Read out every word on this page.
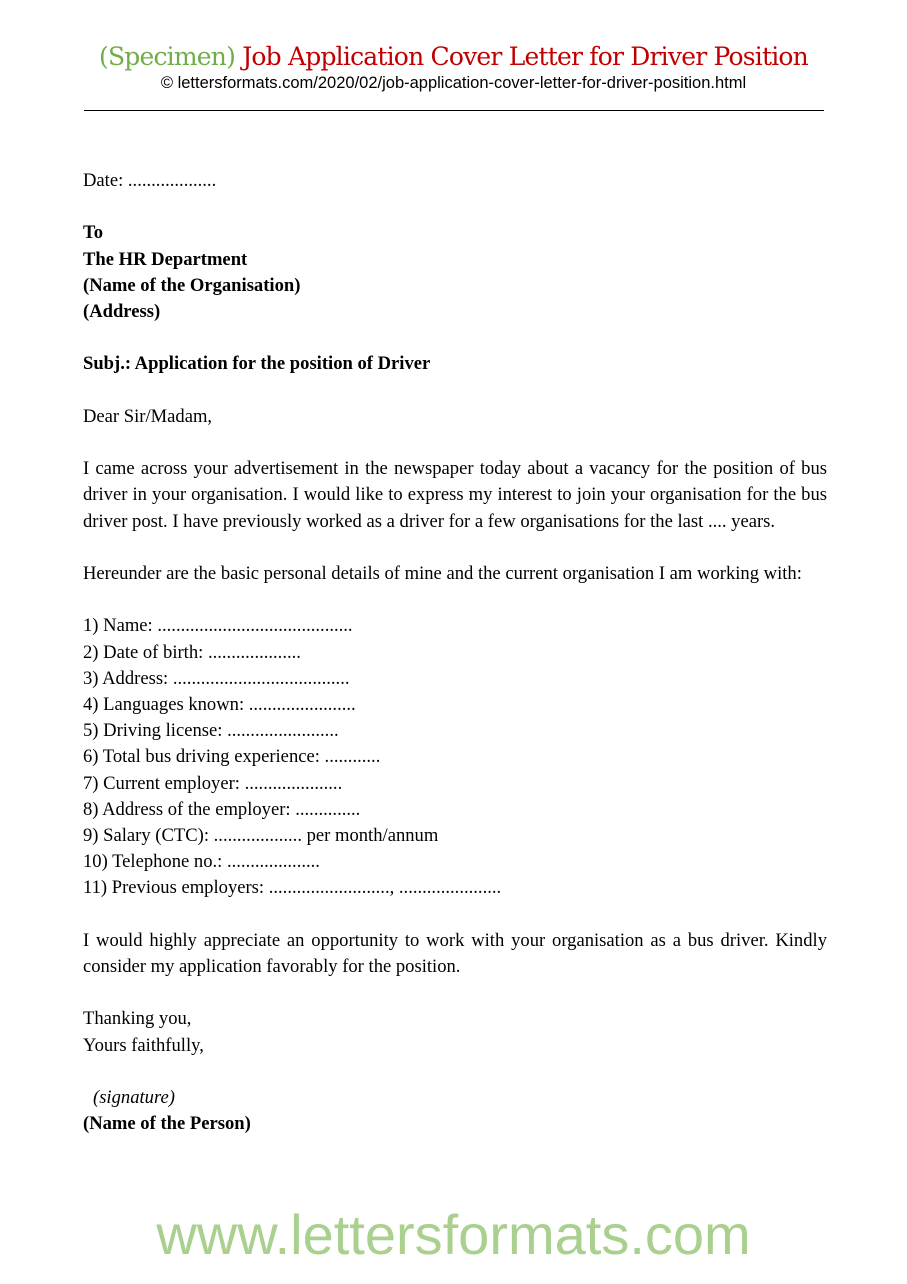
(Specimen) Job Application Cover Letter for Driver Position
© lettersformats.com/2020/02/job-application-cover-letter-for-driver-position.html

Date: ...................

To
The HR Department
(Name of the Organisation)
(Address)

Subj.: Application for the position of Driver

Dear Sir/Madam,

I came across your advertisement in the newspaper today about a vacancy for the position of bus driver in your organisation. I would like to express my interest to join your organisation for the bus driver post. I have previously worked as a driver for a few organisations for the last .... years.

Hereunder are the basic personal details of mine and the current organisation I am working with:

1) Name: ..........................................
2) Date of birth: ....................
3) Address: ......................................
4) Languages known: .......................
5) Driving license: ........................
6) Total bus driving experience: ............
7) Current employer: .....................
8) Address of the employer: ..............
9) Salary (CTC): ................... per month/annum
10) Telephone no.: ....................
11) Previous employers: .........................., ......................

I would highly appreciate an opportunity to work with your organisation as a bus driver. Kindly consider my application favorably for the position.

Thanking you,
Yours faithfully,

(signature)
(Name of the Person)
www.lettersformats.com
